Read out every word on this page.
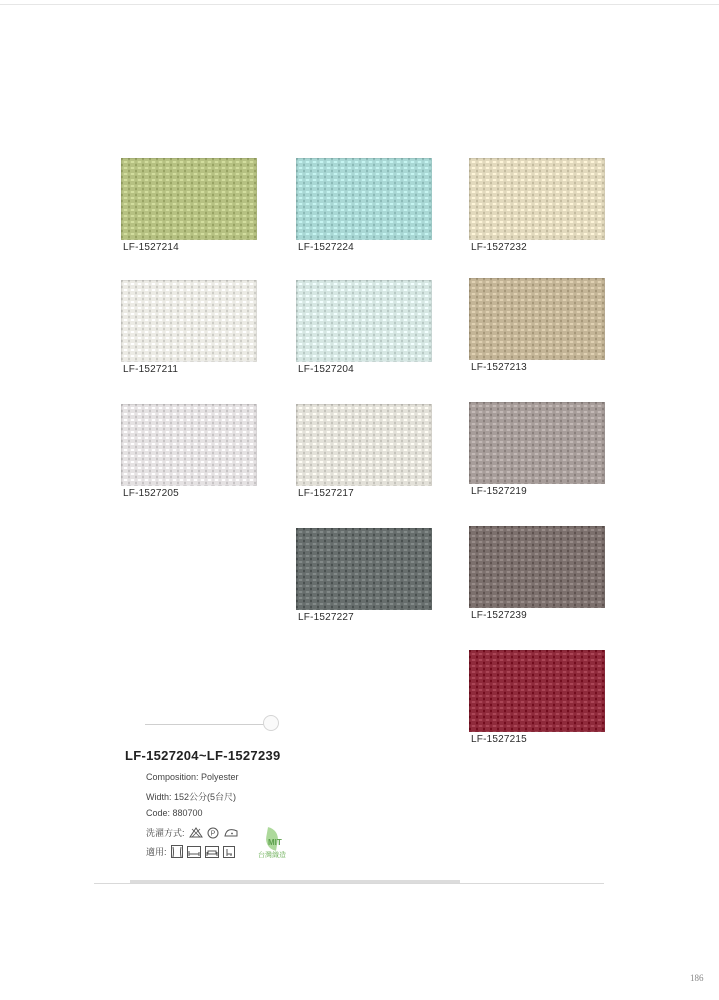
LF-1527214	LF-1527224	LF-1527232
LF-1527211	LF-1527204	LF-1527213
LF-1527205	LF-1527217	LF-1527219
LF-1527227	LF-1527239
LF-1527215
LF-1527204~LF-1527239
Composition: Polyester
Width: 152公分(5台尺)
Code: 880700
洗濯方式:	P
適用:
MIT
台灣織造
186
